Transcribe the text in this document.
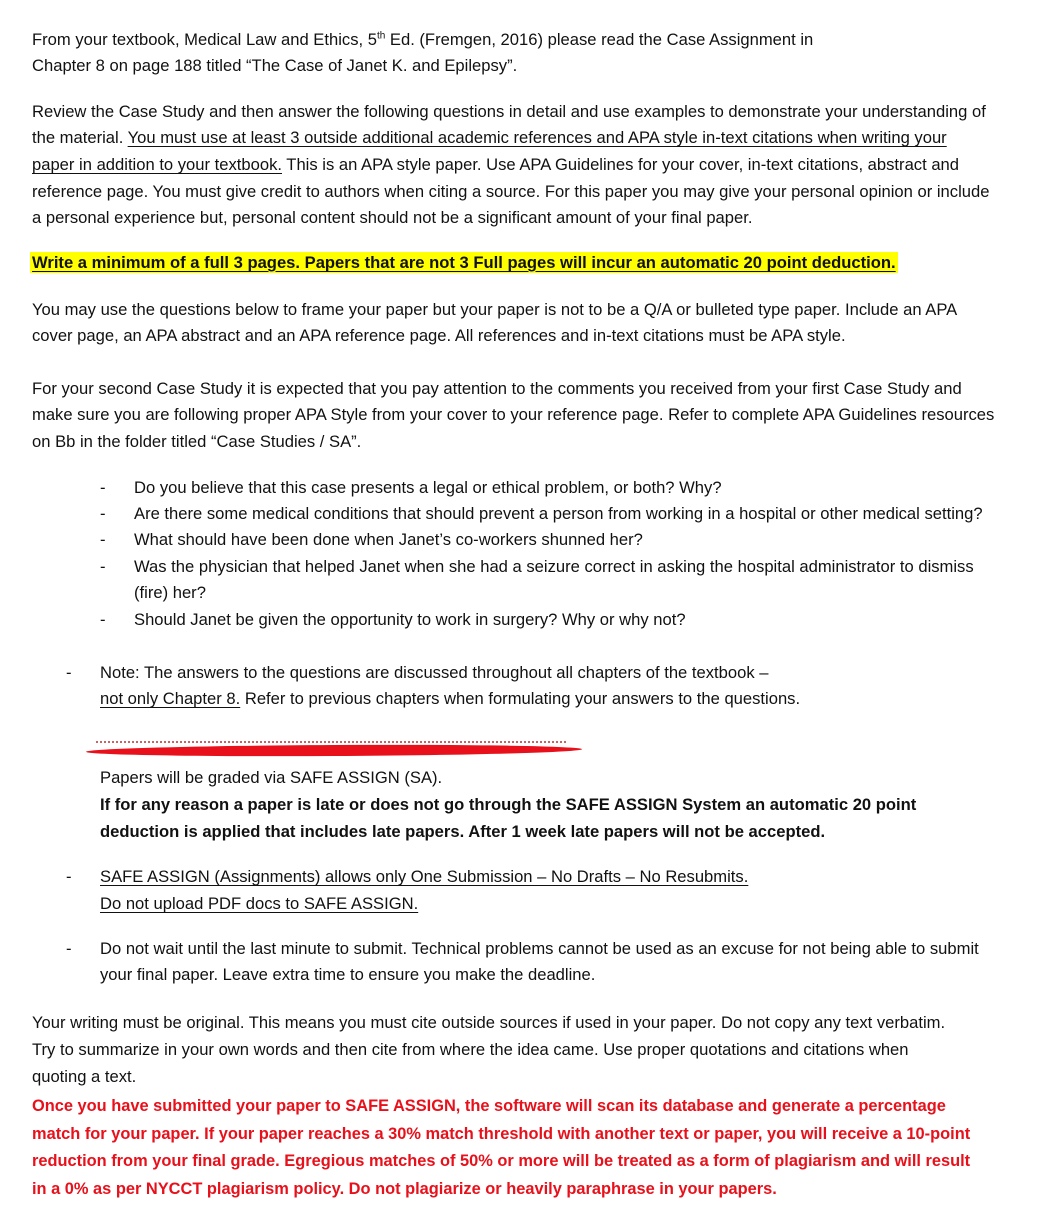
From your textbook, Medical Law and Ethics, 5th Ed. (Fremgen, 2016) please read the Case Assignment in
Chapter 8 on page 188 titled “The Case of Janet K. and Epilepsy”.
Review the Case Study and then answer the following questions in detail and use examples to demonstrate your understanding of
the material. You must use at least 3 outside additional academic references and APA style in-text citations when writing your
paper in addition to your textbook. This is an APA style paper. Use APA Guidelines for your cover, in-text citations, abstract and
reference page. You must give credit to authors when citing a source. For this paper you may give your personal opinion or include
a personal experience but, personal content should not be a significant amount of your final paper.
Write a minimum of a full 3 pages. Papers that are not 3 Full pages will incur an automatic 20 point deduction.
You may use the questions below to frame your paper but your paper is not to be a Q/A or bulleted type paper. Include an APA
cover page, an APA abstract and an APA reference page. All references and in-text citations must be APA style.
For your second Case Study it is expected that you pay attention to the comments you received from your first Case Study and
make sure you are following proper APA Style from your cover to your reference page. Refer to complete APA Guidelines resources
on Bb in the folder titled “Case Studies / SA”.
- Do you believe that this case presents a legal or ethical problem, or both? Why?
- Are there some medical conditions that should prevent a person from working in a hospital or other medical setting?
- What should have been done when Janet’s co-workers shunned her?
- Was the physician that helped Janet when she had a seizure correct in asking the hospital administrator to dismiss
(fire) her?
- Should Janet be given the opportunity to work in surgery? Why or why not?
- Note: The answers to the questions are discussed throughout all chapters of the textbook –
not only Chapter 8. Refer to previous chapters when formulating your answers to the questions.
Papers will be graded via SAFE ASSIGN (SA).
If for any reason a paper is late or does not go through the SAFE ASSIGN System an automatic 20 point
deduction is applied that includes late papers. After 1 week late papers will not be accepted.
- SAFE ASSIGN (Assignments) allows only One Submission – No Drafts – No Resubmits.
Do not upload PDF docs to SAFE ASSIGN.
- Do not wait until the last minute to submit. Technical problems cannot be used as an excuse for not being able to submit
your final paper. Leave extra time to ensure you make the deadline.
Your writing must be original. This means you must cite outside sources if used in your paper. Do not copy any text verbatim.
Try to summarize in your own words and then cite from where the idea came. Use proper quotations and citations when
quoting a text.
Once you have submitted your paper to SAFE ASSIGN, the software will scan its database and generate a percentage
match for your paper. If your paper reaches a 30% match threshold with another text or paper, you will receive a 10-point
reduction from your final grade. Egregious matches of 50% or more will be treated as a form of plagiarism and will result
in a 0% as per NYCCT plagiarism policy. Do not plagiarize or heavily paraphrase in your papers.
